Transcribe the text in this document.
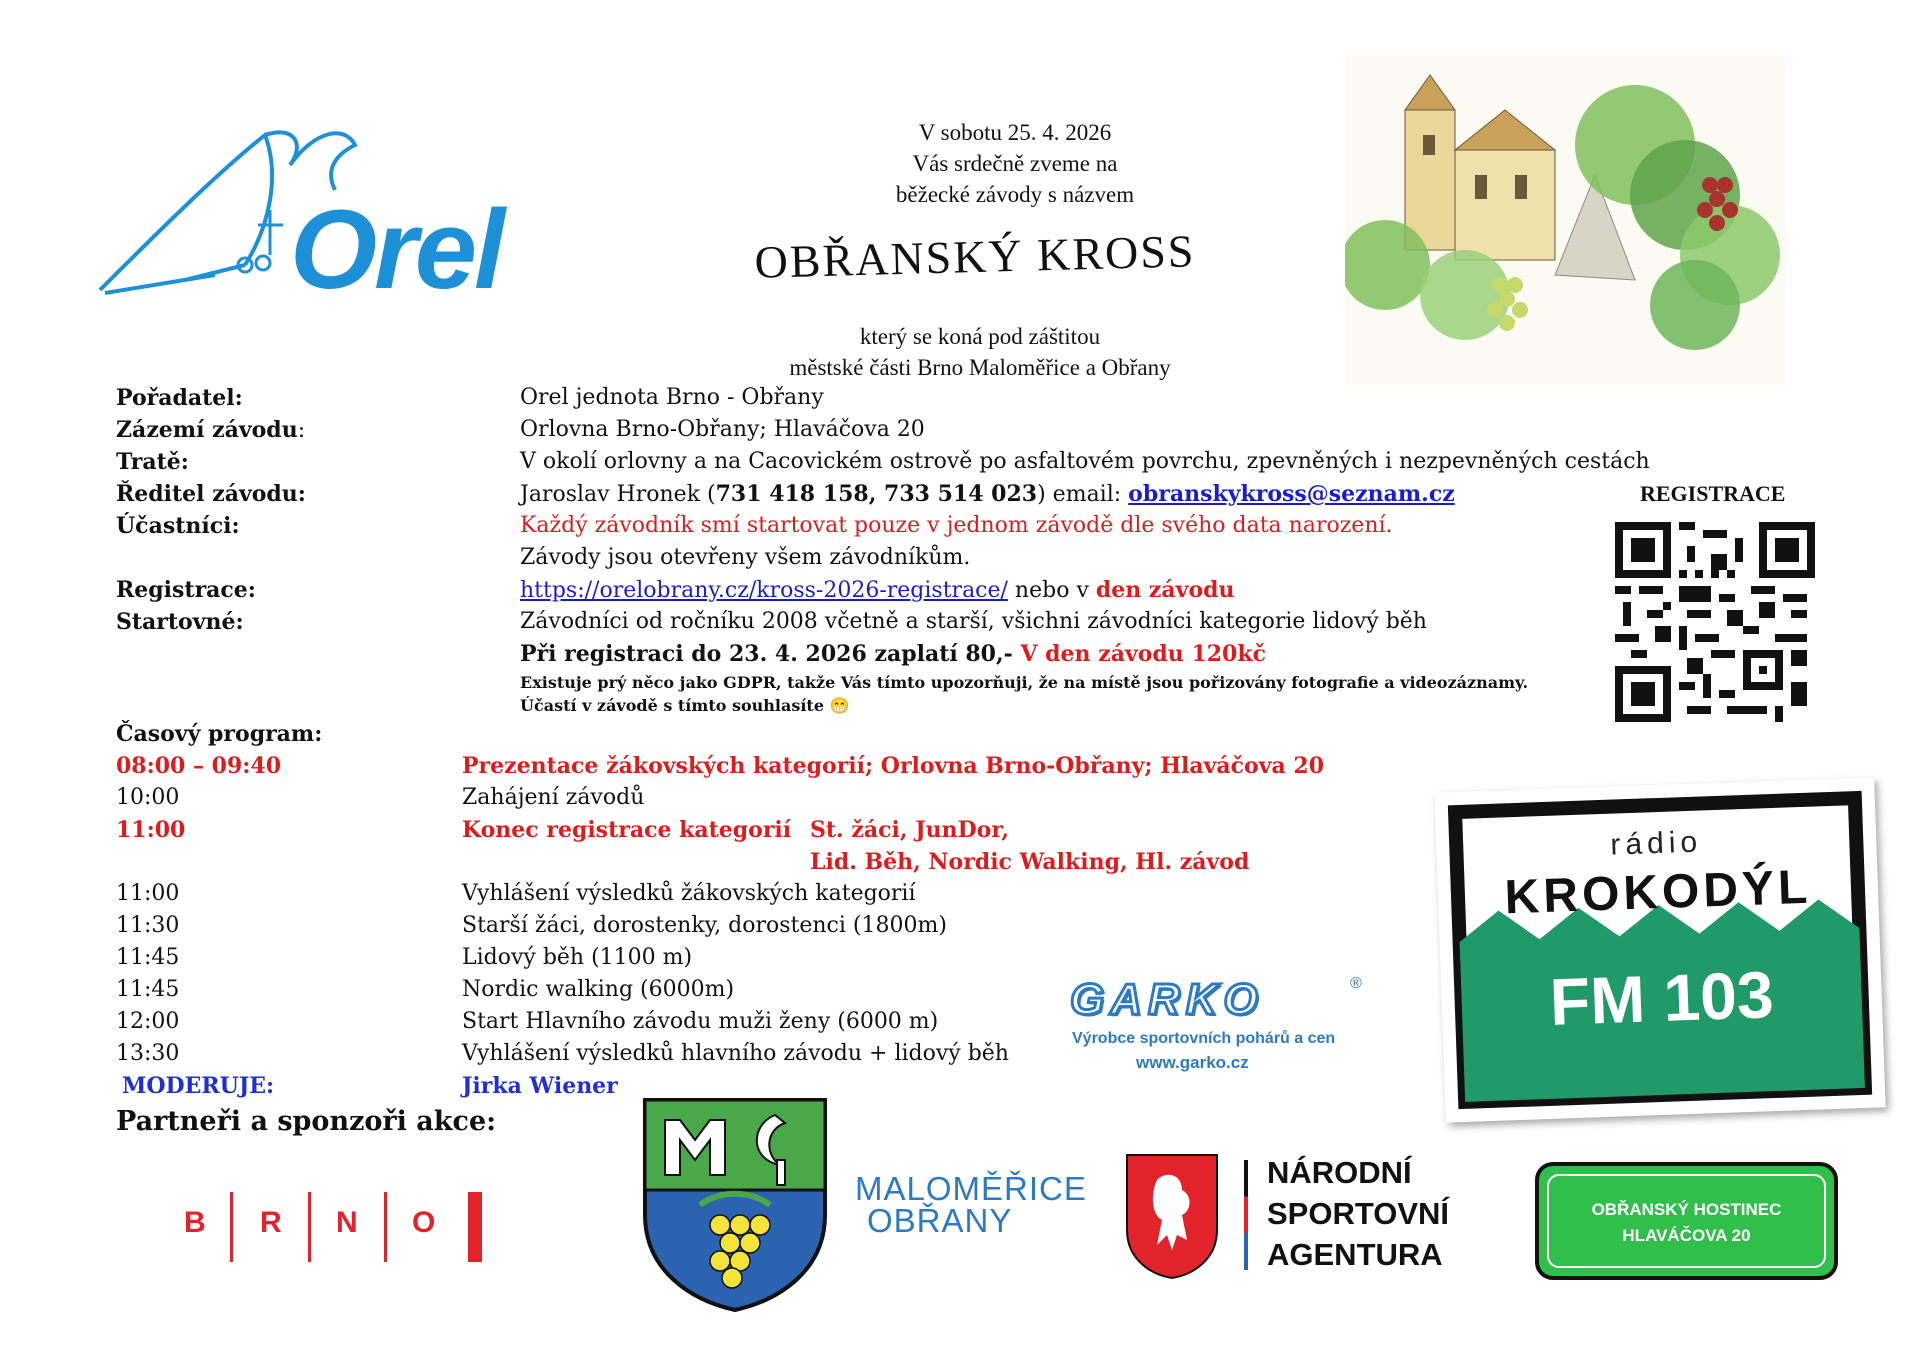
Orel
V sobotu 25. 4. 2026
Vás srdečně zveme na
běžecké závody s názvem
OBŘANSKÝ KROSS
který se koná pod záštitou
městské části Brno Maloměřice a Obřany
Pořadatel:	Orel jednota Brno - Obřany
Zázemí závodu:	Orlovna Brno-Obřany; Hlaváčova 20
Tratě:	V okolí orlovny a na Cacovickém ostrově po asfaltovém povrchu, zpevněných i nezpevněných cestách
Ředitel závodu:	Jaroslav Hronek (731 418 158, 733 514 023) email: obranskykross@seznam.cz
Účastníci:	Každý závodník smí startovat pouze v jednom závodě dle svého data narození.
Závody jsou otevřeny všem závodníkům.
Registrace:	https://orelobrany.cz/kross-2026-registrace/ nebo v den závodu
Startovné:	Závodníci od ročníku 2008 včetně a starší, všichni závodníci kategorie lidový běh
Při registraci do 23. 4. 2026 zaplatí 80,- V den závodu 120kč
Existuje prý něco jako GDPR, takže Vás tímto upozorňuji, že na místě jsou pořizovány fotografie a videozáznamy.
Účastí v závodě s tímto souhlasíte 😁
REGISTRACE
Časový program:
08:00 – 09:40	Prezentace žákovských kategorií; Orlovna Brno-Obřany; Hlaváčova 20
10:00	Zahájení závodů
11:00	Konec registrace kategorií St. žáci, JunDor,
Lid. Běh, Nordic Walking, Hl. závod
11:00	Vyhlášení výsledků žákovských kategorií
11:30	Starší žáci, dorostenky, dorostenci (1800m)
11:45	Lidový běh (1100 m)
11:45	Nordic walking (6000m)
12:00	Start Hlavního závodu muži ženy (6000 m)
13:30	Vyhlášení výsledků hlavního závodu + lidový běh
MODERUJE:	Jirka Wiener
Partneři a sponzoři akce:
GARKO	®
Výrobce sportovních pohárů a cen
www.garko.cz
rádio
KROKODÝL
FM 103
B R N O
MALOMĚŘICE
OBŘANY
NÁRODNÍ
SPORTOVNÍ
AGENTURA
OBŘANSKÝ HOSTINEC
HLAVÁČOVA 20
